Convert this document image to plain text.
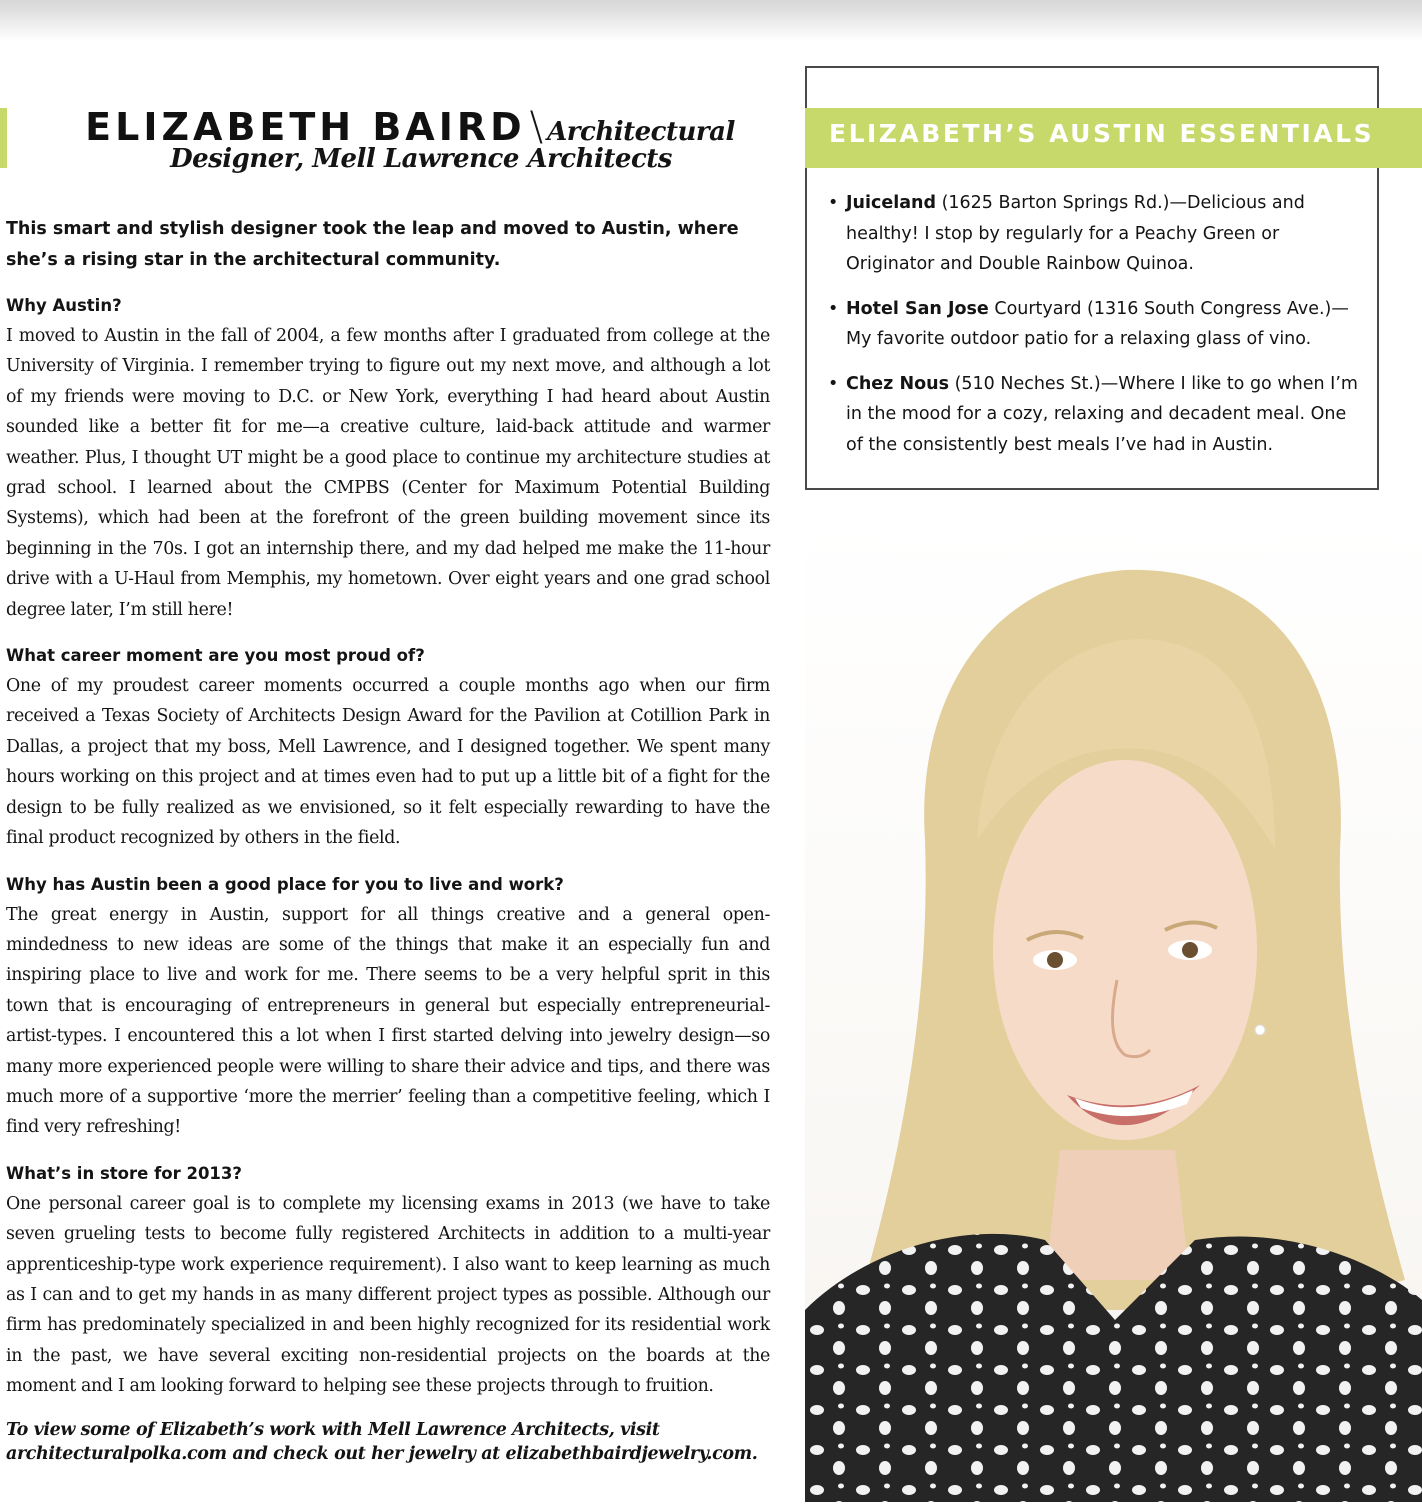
ELIZABETH BAIRD \ Architectural
Designer, Mell Lawrence Architects

This smart and stylish designer took the leap and moved to Austin, where she’s a rising star in the architectural community.

Why Austin?

I moved to Austin in the fall of 2004, a few months after I graduated from college at the University of Virginia. I remember trying to figure out my next move, and although a lot of my friends were moving to D.C. or New York, everything I had heard about Austin sounded like a better fit for me—a creative culture, laid-back attitude and warmer weather. Plus, I thought UT might be a good place to continue my architecture studies at grad school. I learned about the CMPBS (Center for Maximum Potential Building Systems), which had been at the forefront of the green building movement since its beginning in the 70s. I got an internship there, and my dad helped me make the 11-hour drive with a U-Haul from Memphis, my hometown. Over eight years and one grad school degree later, I’m still here!

What career moment are you most proud of?

One of my proudest career moments occurred a couple months ago when our firm received a Texas Society of Architects Design Award for the Pavilion at Cotillion Park in Dallas, a project that my boss, Mell Lawrence, and I designed together. We spent many hours working on this project and at times even had to put up a little bit of a fight for the design to be fully realized as we envisioned, so it felt especially rewarding to have the final product recognized by others in the field.

Why has Austin been a good place for you to live and work?

The great energy in Austin, support for all things creative and a general open-mindedness to new ideas are some of the things that make it an especially fun and inspiring place to live and work for me. There seems to be a very helpful sprit in this town that is encouraging of entrepreneurs in general but especially entrepreneurial-artist-types. I encountered this a lot when I first started delving into jewelry design—so many more experienced people were willing to share their advice and tips, and there was much more of a supportive ‘more the merrier’ feeling than a competitive feeling, which I find very refreshing!

What’s in store for 2013?

One personal career goal is to complete my licensing exams in 2013 (we have to take seven grueling tests to become fully registered Architects in addition to a multi-year apprenticeship-type work experience requirement). I also want to keep learning as much as I can and to get my hands in as many different project types as possible. Although our firm has predominately specialized in and been highly recognized for its residential work in the past, we have several exciting non-residential projects on the boards at the moment and I am looking forward to helping see these projects through to fruition.

To view some of Elizabeth’s work with Mell Lawrence Architects, visit architecturalpolka.com and check out her jewelry at elizabethbairdjewelry.com.

ELIZABETH’S AUSTIN ESSENTIALS
• Juiceland (1625 Barton Springs Rd.)—Delicious and healthy! I stop by regularly for a Peachy Green or Originator and Double Rainbow Quinoa.
• Hotel San Jose Courtyard (1316 South Congress Ave.)—My favorite outdoor patio for a relaxing glass of vino.
• Chez Nous (510 Neches St.)—Where I like to go when I’m in the mood for a cozy, relaxing and decadent meal. One of the consistently best meals I’ve had in Austin.
